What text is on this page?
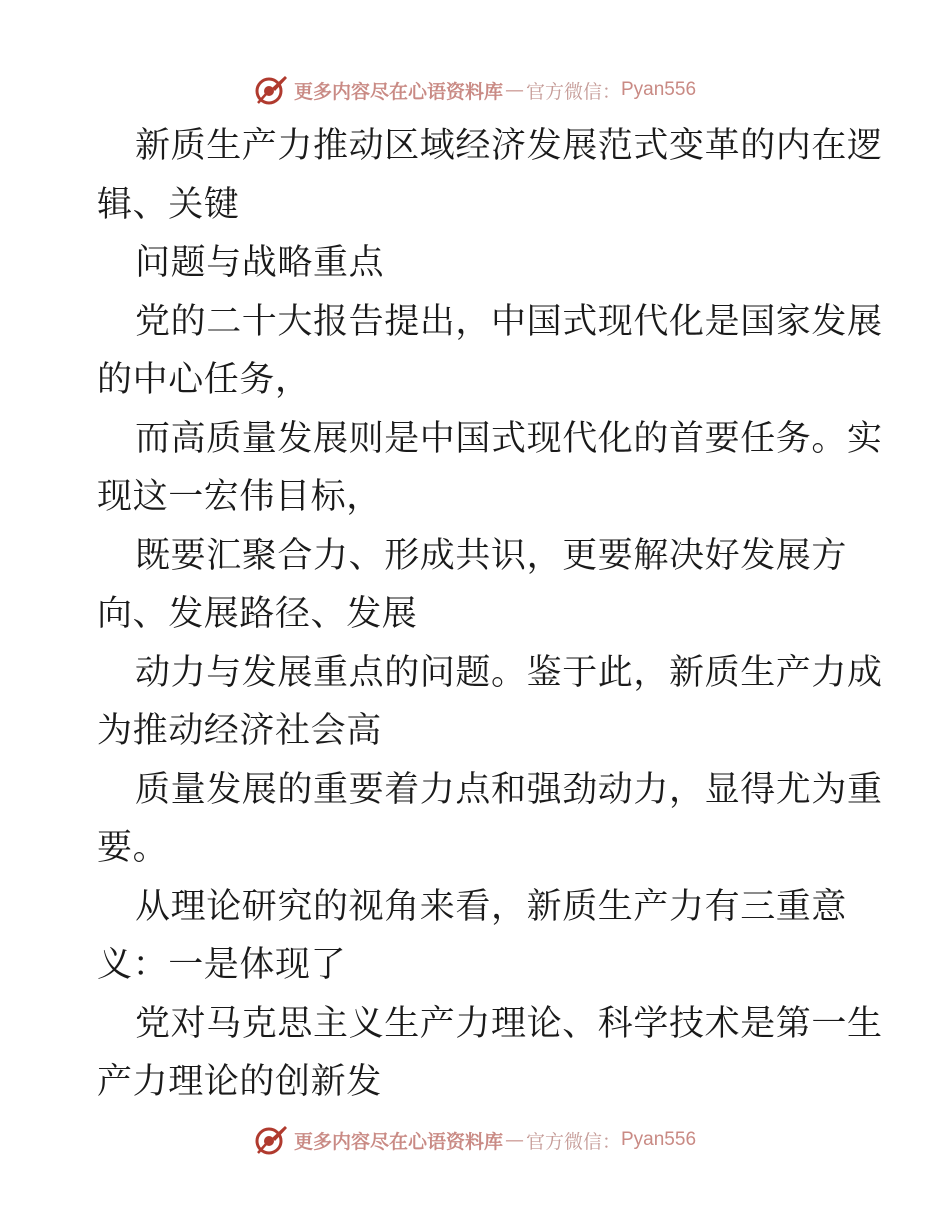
更多内容尽在心语资料库 — 官方微信： Pyan556
新质生产力推动区域经济发展范式变革的内在逻
辑、关键
问题与战略重点
党的二十大报告提出，中国式现代化是国家发展
的中心任务，
而高质量发展则是中国式现代化的首要任务。实
现这一宏伟目标，
既要汇聚合力、形成共识，更要解决好发展方
向、发展路径、发展
动力与发展重点的问题。鉴于此，新质生产力成
为推动经济社会高
质量发展的重要着力点和强劲动力，显得尤为重
要。
从理论研究的视角来看，新质生产力有三重意
义：一是体现了
党对马克思主义生产力理论、科学技术是第一生
产力理论的创新发
更多内容尽在心语资料库 — 官方微信： Pyan556
